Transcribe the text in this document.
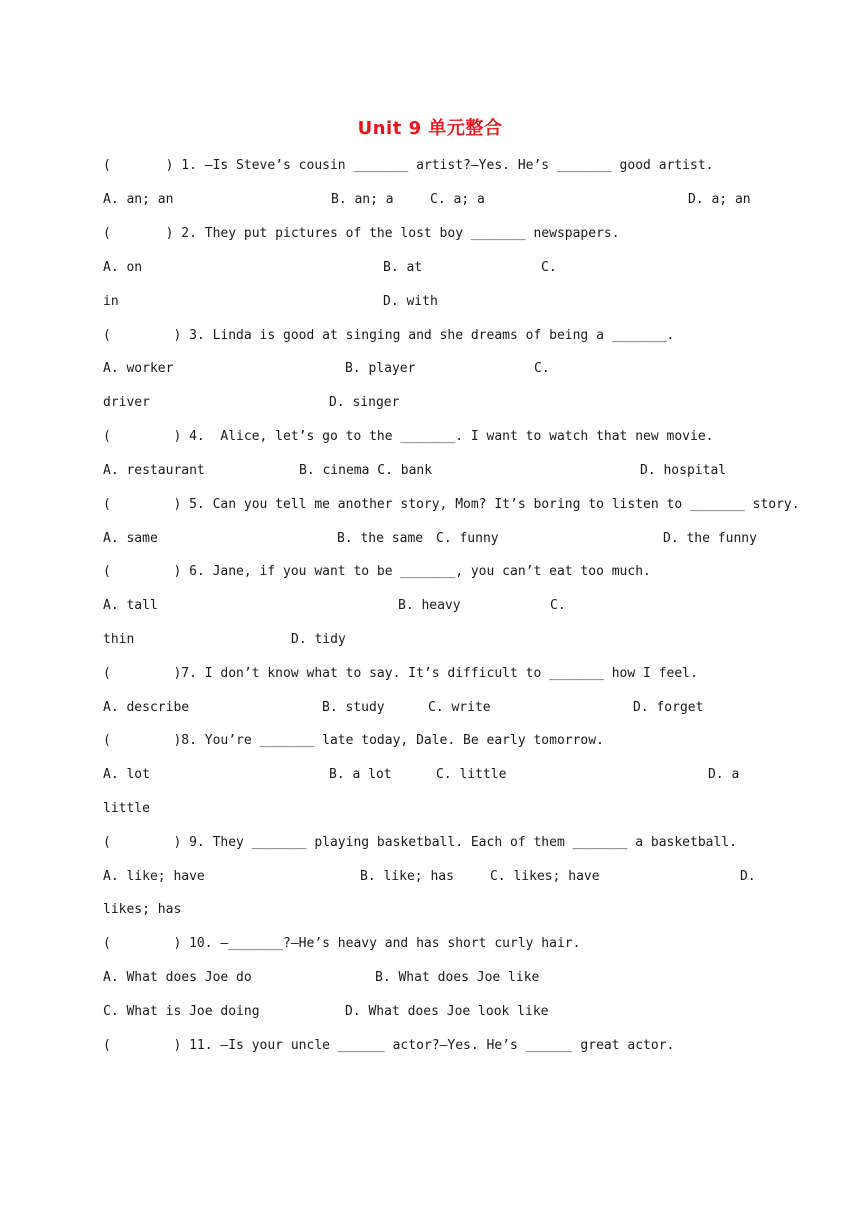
Unit 9 单元整合
(       ) 1. —Is Steve’s cousin _______ artist?—Yes. He’s _______ good artist.
A. an; an	B. an; a	C. a; a	D. a; an
(       ) 2. They put pictures of the lost boy _______ newspapers.
A. on	B. at	C.
in	D. with
(        ) 3. Linda is good at singing and she dreams of being a _______.
A. worker	B. player	C.
driver	D. singer
(        ) 4.  Alice, let’s go to the _______. I want to watch that new movie.
A. restaurant	B. cinema C. bank	D. hospital
(        ) 5. Can you tell me another story, Mom? It’s boring to listen to _______ story.
A. same	B. the same C. funny	D. the funny
(        ) 6. Jane, if you want to be _______, you can’t eat too much.
A. tall	B. heavy	C.
thin	D. tidy
(        )7. I don’t know what to say. It’s difficult to _______ how I feel.
A. describe	B. study	C. write	D. forget
(        )8. You’re _______ late today, Dale. Be early tomorrow.
A. lot	B. a lot	C. little	D. a
little
(        ) 9. They _______ playing basketball. Each of them _______ a basketball.
A. like; have	B. like; has	C. likes; have	D.
likes; has
(        ) 10. —_______?—He’s heavy and has short curly hair.
A. What does Joe do	B. What does Joe like
C. What is Joe doing	D. What does Joe look like
(        ) 11. —Is your uncle ______ actor?—Yes. He’s ______ great actor.
